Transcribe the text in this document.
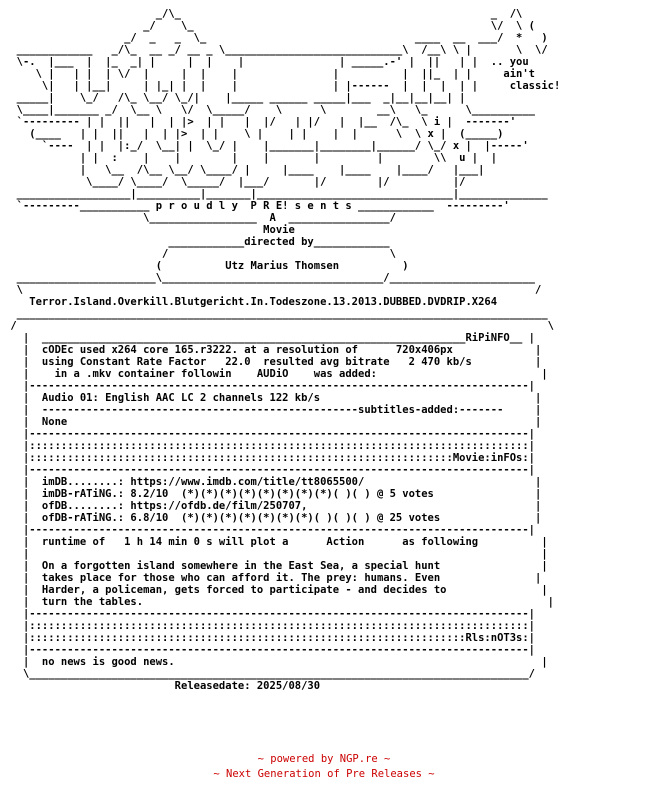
_/\_                                                 _  /\
_/    \_                                               \/  \ (
_/  _   _  \_                                 ____  __  ___/  *   )
____________   _/\_  __ _/ __ _ \____________________________\  /__\ \ |       \  \/
\-.  |___  |  |_  _| |     |  |    |               | _____.-' |  ||   | |  .. you
\ |   | |  | \/  |     |  |    |               |          |  ||_  | |     ain't
\|   | |__|     | |_| |  |    |               | |------  |  |  |  | |     classic!
_____|    \_/   /\_ \__/ \_/|    |_____ ______ _____|___  _|__|__|__| |
\____|_______ _/  \__ \   \/  \_____/    \      \        __\   \_      \__________
`--------- | |  ||   |  | |>  | |   |  |/   | |/   |  |__  /\_  \ i |  -------'
(____   | |  ||   |  | |>  | |    \ |    | |    |  |      \  \ x |  (_____)
`----  | |  |:_/  \__| |  \_/ |    |_______|________|______/ \_/ x |  |-----'
| |  :    |    |        |    |       |         |        \\  u |  |
|   \__  /\__ \__/ \____/ |     |____    |____    |____/   |___|
\____/ \____/  \_____/  |___/       |/        |/          |/
__________________|__________|_______|_______________________________|______________
`---------___________ p r o u d l y  P R E! s e n t s ____________  ---------'
\_________________  A  ________________/
Movie
____________directed by____________
/                                   \
(          Utz Marius Thomsen          )
______________________\___________________________________/_______________________
\                                                                                 /
Terror.Island.Overkill.Blutgericht.In.Todeszone.13.2013.DUBBED.DVDRIP.X264
____________________________________________________________________________________
/                                                                                    \
|  ___________________________________________________________________RiPiNFO__ |
|  cODEc used x264 core 165.r3222. at a resolution of      720x406px             |
|  using Constant Rate Factor   22.0  resulted avg bitrate   2 470 kb/s          |
|    in a .mkv container followin    AUDiO    was added:                          |
|-------------------------------------------------------------------------------|
|  Audio 01: English AAC LC 2 channels 122 kb/s                                  |
|  --------------------------------------------------subtitles-added:-------     |
|  None                                                                          |
|-------------------------------------------------------------------------------|
|:::::::::::::::::::::::::::::::::::::::::::::::::::::::::::::::::::::::::::::::|
|:::::::::::::::::::::::::::::::::::::::::::::::::::::::::::::::::::Movie:inFOs:|
|-------------------------------------------------------------------------------|
|  imDB........: https://www.imdb.com/title/tt8065500/                           |
|  imDB-rATiNG.: 8.2/10  (*)(*)(*)(*)(*)(*)(*)(*)( )( ) @ 5 votes                |
|  ofDB........: https://ofdb.de/film/250707,                                    |
|  ofDB-rATiNG.: 6.8/10  (*)(*)(*)(*)(*)(*)(*)( )( )( ) @ 25 votes               |
|-------------------------------------------------------------------------------|
|  runtime of   1 h 14 min 0 s will plot a      Action      as following          |
|                                                                                 |
|  On a forgotten island somewhere in the East Sea, a special hunt                |
|  takes place for those who can afford it. The prey: humans. Even               |
|  Harder, a policeman, gets forced to participate - and decides to               |
|  turn the tables.                                                                |
|-------------------------------------------------------------------------------|
|:::::::::::::::::::::::::::::::::::::::::::::::::::::::::::::::::::::::::::::::|
|:::::::::::::::::::::::::::::::::::::::::::::::::::::::::::::::::::::Rls:nOT3s:|
|-------------------------------------------------------------------------------|
|  no news is good news.                                                          |
\_______________________________________________________________________________/
Releasedate: 2025/08/30

~ powered by NGP.re ~
~ Next Generation of Pre Releases ~
